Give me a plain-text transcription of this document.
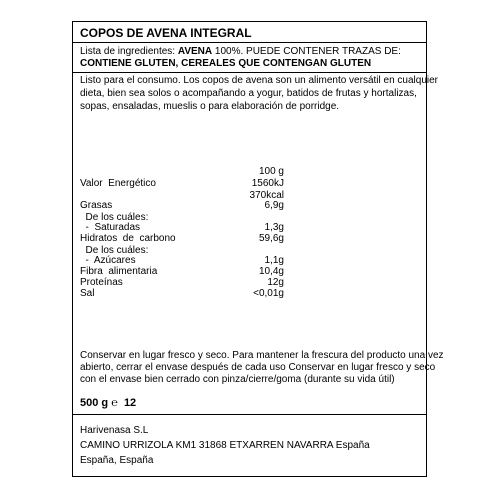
COPOS DE AVENA INTEGRAL
Lista de ingredientes: AVENA 100%. PUEDE CONTENER TRAZAS DE:
CONTIENE GLUTEN, CEREALES QUE CONTENGAN GLUTEN
Listo para el consumo. Los copos de avena son un alimento versátil en cualquier
dieta, bien sea solos o acompañando a yogur, batidos de frutas y hortalizas,
sopas, ensaladas, mueslis o para elaboración de porridge.
100 g
Valor  Energético	1560kJ
370kcal
Grasas	6,9g
De los cuáles:
-  Saturadas	1,3g
Hidratos  de  carbono	59,6g
De los cuáles:
-  Azúcares	1,1g
Fibra  alimentaria	10,4g
Proteínas	12g
Sal	<0,01g
Conservar en lugar fresco y seco. Para mantener la frescura del producto una vez
abierto, cerrar el envase después de cada uso Conservar en lugar fresco y seco
con el envase bien cerrado con pinza/cierre/goma (durante su vida útil)
500 g ℮ 12
Harivenasa S.L
CAMINO URRIZOLA KM1 31868 ETXARREN NAVARRA España
España, España
